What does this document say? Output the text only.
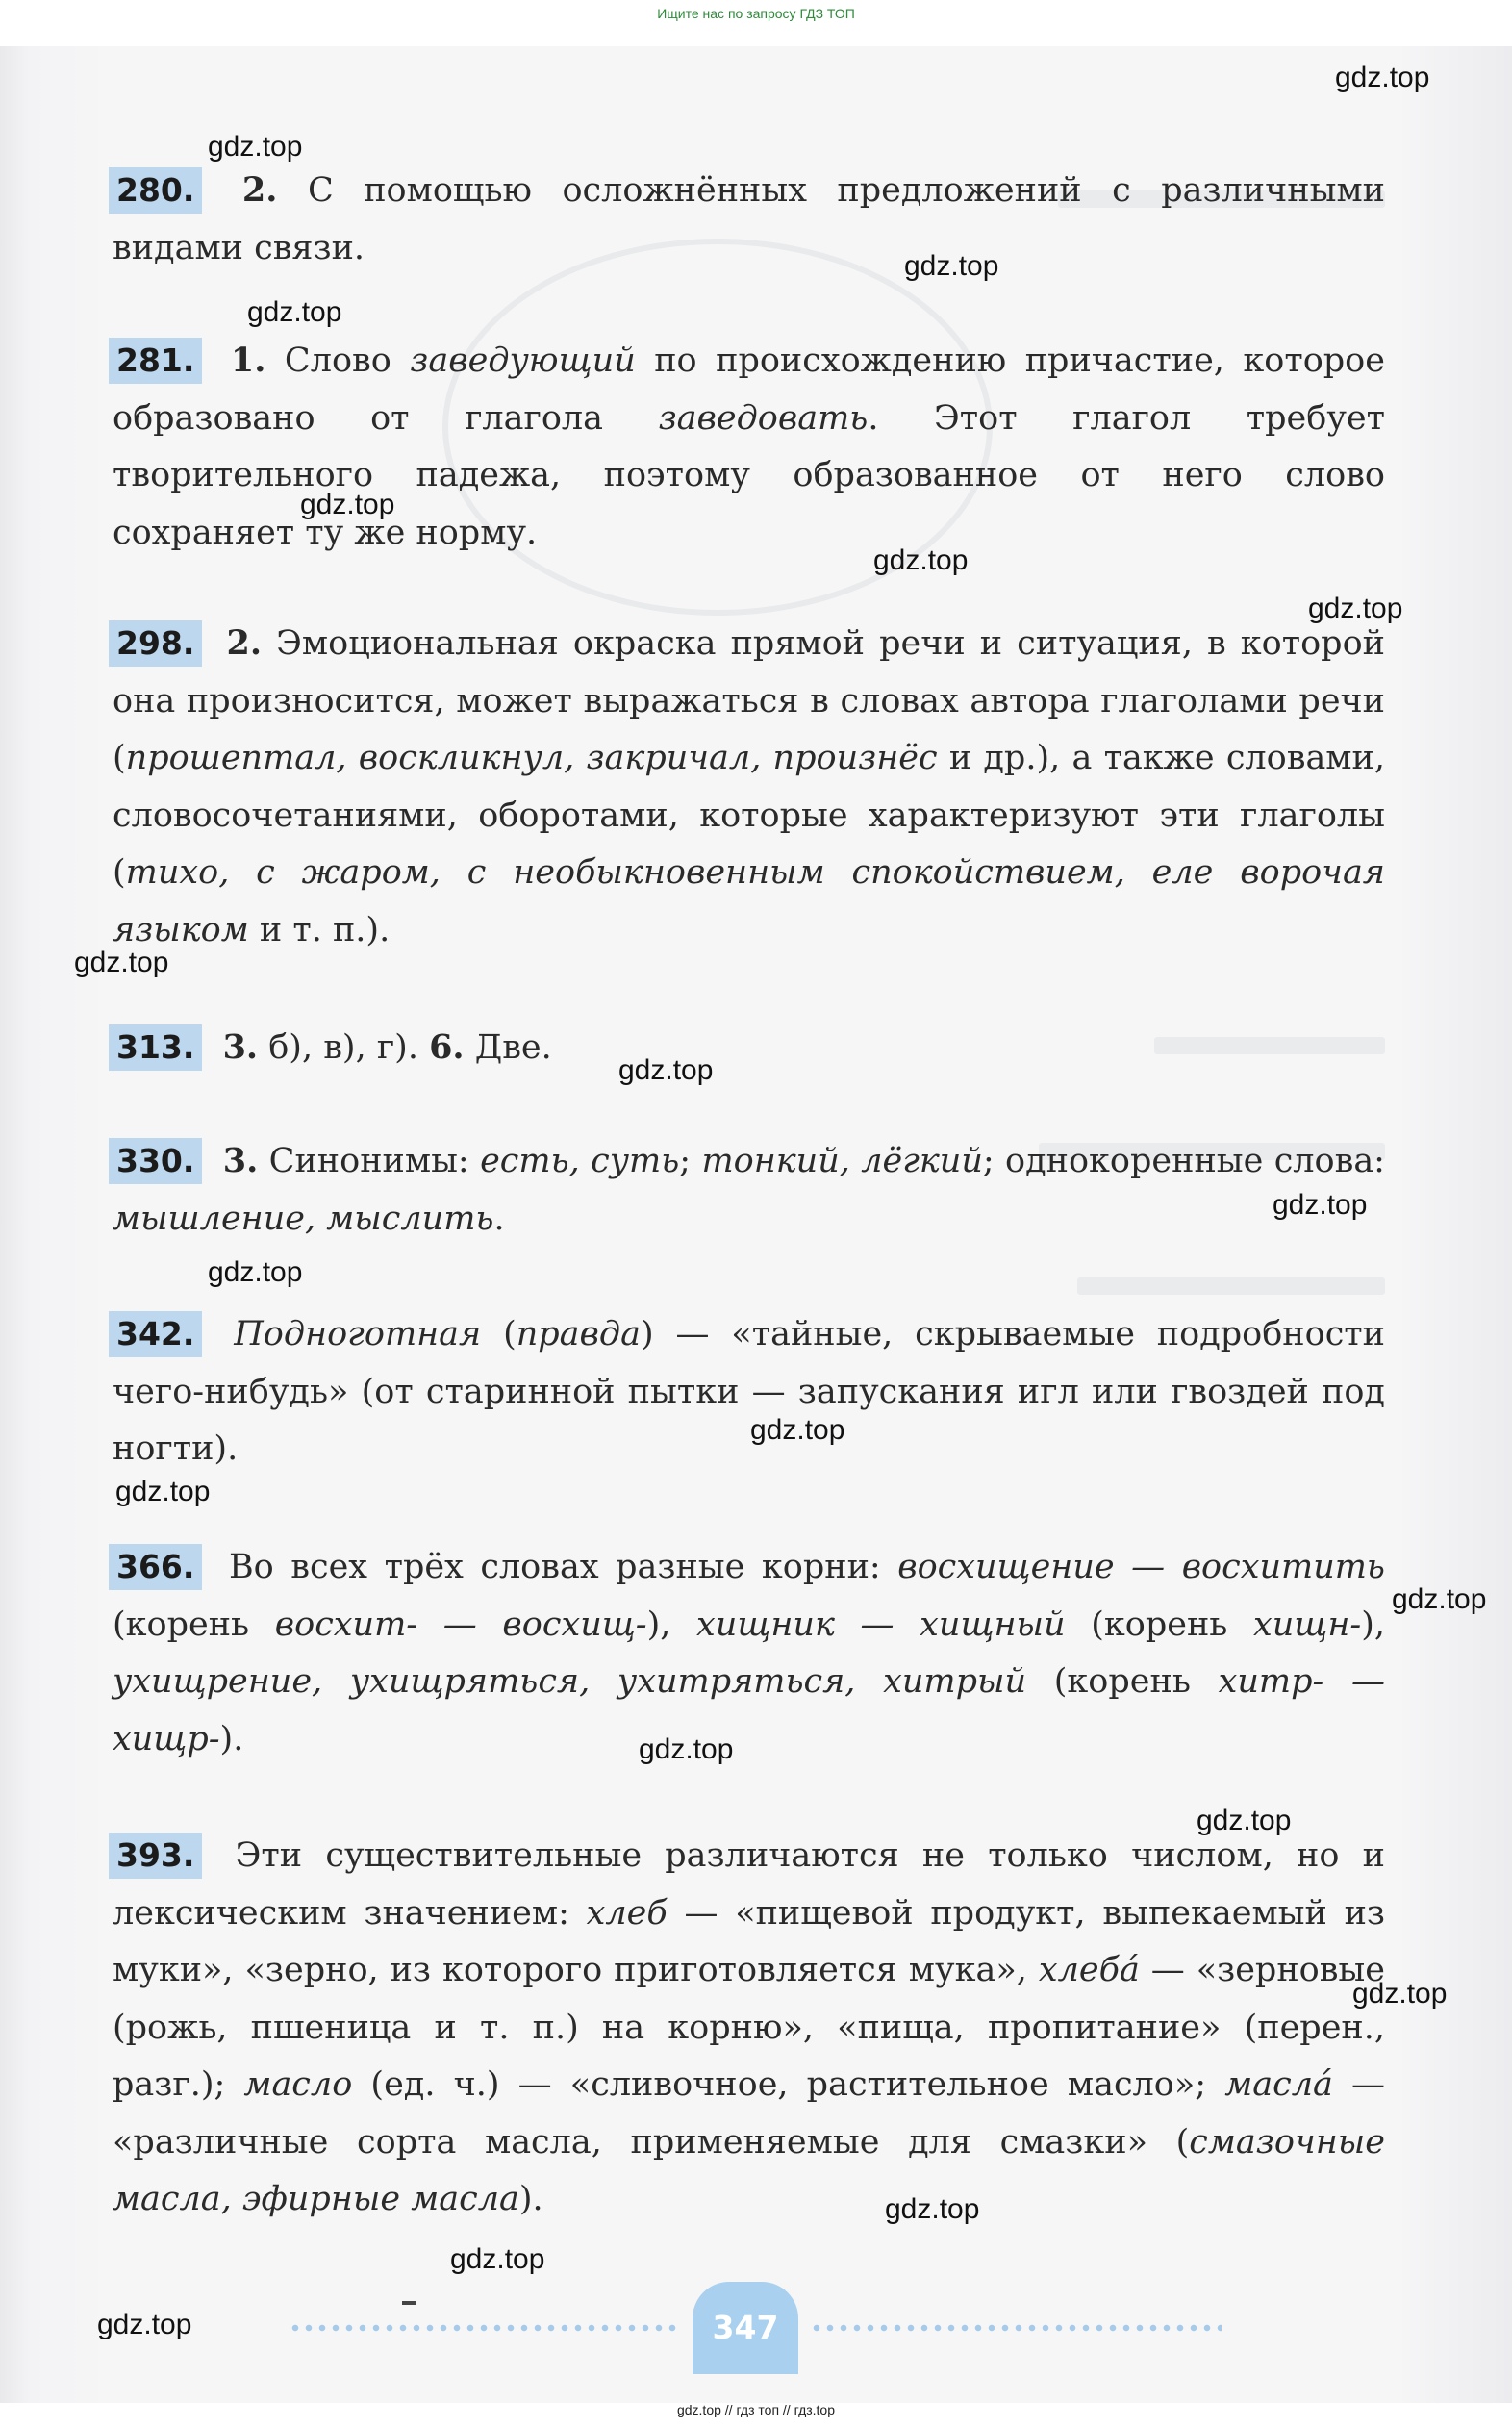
Ищите нас по запросу ГДЗ ТОП

280. 2. С помощью осложнённых предложений с различными видами связи.

281. 1. Слово заведующий по происхождению причастие, которое образовано от глагола заведовать. Этот глагол требует творительного падежа, поэтому образованное от него слово сохраняет ту же норму.

298. 2. Эмоциональная окраска прямой речи и ситуация, в которой она произносится, может выражаться в словах автора глаголами речи (прошептал, воскликнул, закричал, произнёс и др.), а также словами, словосочетаниями, оборотами, которые характеризуют эти глаголы (тихо, с жаром, с необыкновенным спокойствием, еле ворочая языком и т. п.).

313. 3. б), в), г). 6. Две.

330. 3. Синонимы: есть, суть; тонкий, лёгкий; однокоренные слова: мышление, мыслить.

342. Подноготная (правда) — «тайные, скрываемые подробности чего-нибудь» (от старинной пытки — запускания игл или гвоздей под ногти).

366. Во всех трёх словах разные корни: восхищение — восхитить (корень восхит- — восхищ-), хищник — хищный (корень хищн-), ухищрение, ухищряться, ухитряться, хитрый (корень хитр- — хищр-).

393. Эти существительные различаются не только числом, но и лексическим значением: хлеб — «пищевой продукт, выпекаемый из муки», «зерно, из которого приготовляется мука», хлеба́ — «зерновые (рожь, пшеница и т. п.) на корню», «пища, пропитание» (перен., разг.); масло (ед. ч.) — «сливочное, растительное масло»; масла́ — «различные сорта масла, применяемые для смазки» (смазочные масла, эфирные масла).

gdz.top
gdz.top
gdz.top
gdz.top
gdz.top
gdz.top
gdz.top
gdz.top
gdz.top
gdz.top
gdz.top
gdz.top
gdz.top
gdz.top
gdz.top
gdz.top
gdz.top
gdz.top
gdz.top
gdz.top	347
gdz.top // гдз топ // гдз.top
